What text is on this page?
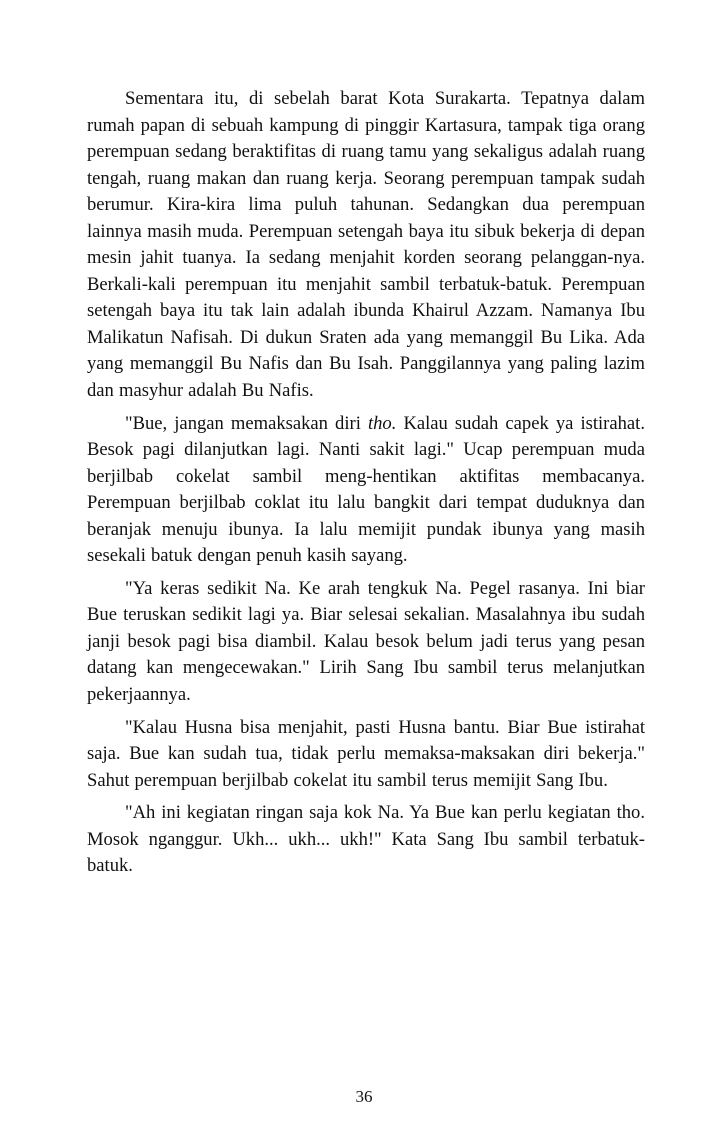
Sementara itu, di sebelah barat Kota Surakarta. Tepatnya dalam rumah papan di sebuah kampung di pinggir Kartasura, tampak tiga orang perempuan sedang beraktifitas di ruang tamu yang sekaligus adalah ruang tengah, ruang makan dan ruang kerja. Seorang perempuan tampak sudah berumur. Kira-kira lima puluh tahunan. Sedangkan dua perempuan lainnya masih muda. Perempuan setengah baya itu sibuk bekerja di depan mesin jahit tuanya. Ia sedang menjahit korden seorang pelanggan-nya. Berkali-kali perempuan itu menjahit sambil terbatuk-batuk. Perempuan setengah baya itu tak lain adalah ibunda Khairul Azzam. Namanya Ibu Malikatun Nafisah. Di dukun Sraten ada yang memanggil Bu Lika. Ada yang memanggil Bu Nafis dan Bu Isah. Panggilannya yang paling lazim dan masyhur adalah Bu Nafis.

"Bue, jangan memaksakan diri tho. Kalau sudah capek ya istirahat. Besok pagi dilanjutkan lagi. Nanti sakit lagi." Ucap perempuan muda berjilbab cokelat sambil meng-hentikan aktifitas membacanya. Perempuan berjilbab coklat itu lalu bangkit dari tempat duduknya dan beranjak menuju ibunya. Ia lalu memijit pundak ibunya yang masih sesekali batuk dengan penuh kasih sayang.

"Ya keras sedikit Na. Ke arah tengkuk Na. Pegel rasanya. Ini biar Bue teruskan sedikit lagi ya. Biar selesai sekalian. Masalahnya ibu sudah janji besok pagi bisa diambil. Kalau besok belum jadi terus yang pesan datang kan mengecewakan." Lirih Sang Ibu sambil terus melanjutkan pekerjaannya.

"Kalau Husna bisa menjahit, pasti Husna bantu. Biar Bue istirahat saja. Bue kan sudah tua, tidak perlu memaksa-maksakan diri bekerja." Sahut perempuan berjilbab cokelat itu sambil terus memijit Sang Ibu.

"Ah ini kegiatan ringan saja kok Na. Ya Bue kan perlu kegiatan tho. Mosok nganggur. Ukh... ukh... ukh!" Kata Sang Ibu sambil terbatuk-batuk.

36
